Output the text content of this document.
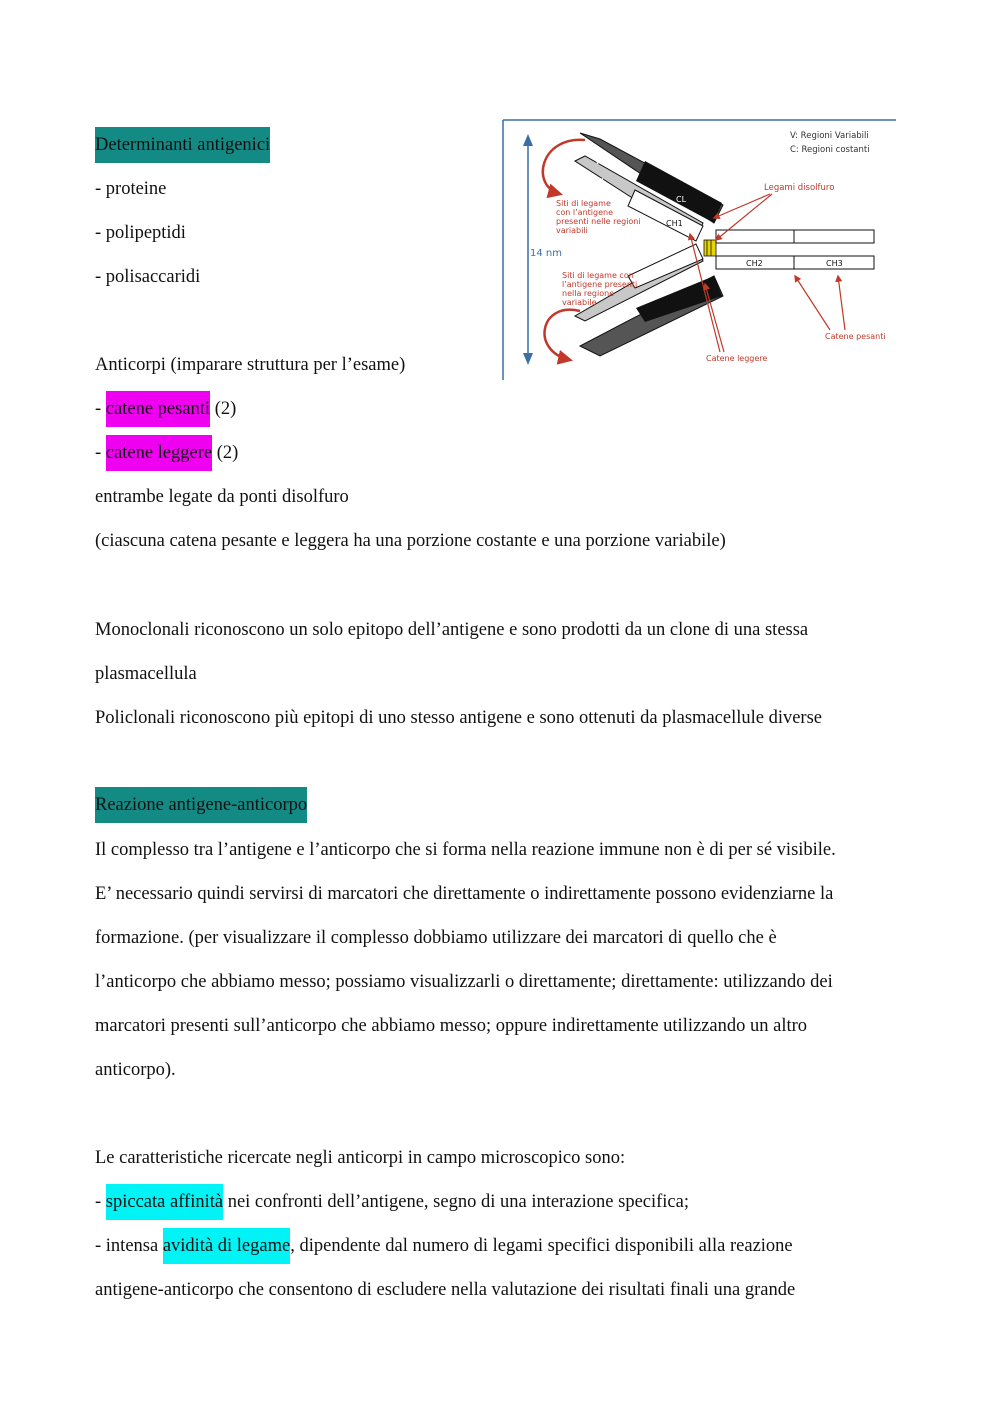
Determinanti antigenici
- proteine
- polipeptidi
- polisaccaridi
Anticorpi (imparare struttura per l’esame)
- catene pesanti (2)
- catene leggere (2)
entrambe legate da ponti disolfuro
(ciascuna catena pesante e leggera ha una porzione costante e una porzione variabile)
Monoclonali riconoscono un solo epitopo dell’antigene e sono prodotti da un clone di una stessa
plasmacellula
Policlonali riconoscono più epitopi di uno stesso antigene e sono ottenuti da plasmacellule diverse
Reazione antigene-anticorpo
Il complesso tra l’antigene e l’anticorpo che si forma nella reazione immune non è di per sé visibile.
E’ necessario quindi servirsi di marcatori che direttamente o indirettamente possono evidenziarne la
formazione. (per visualizzare il complesso dobbiamo utilizzare dei marcatori di quello che è
l’anticorpo che abbiamo messo; possiamo visualizzarli o direttamente; direttamente: utilizzando dei
marcatori presenti sull’anticorpo che abbiamo messo; oppure indirettamente utilizzando un altro
anticorpo).
Le caratteristiche ricercate negli anticorpi in campo microscopico sono:
- spiccata affinità nei confronti dell’antigene, segno di una interazione specifica;
- intensa avidità di legame, dipendente dal numero di legami specifici disponibili alla reazione
antigene-anticorpo che consentono di escludere nella valutazione dei risultati finali una grande
14 nm
V: Regioni Variabili
C: Regioni costanti
VL
VH
CL
CH1
CH2	CH3
Siti di legame
con l’antigene
presenti nelle regioni
variabili
Siti di legame con
l’antigene presenti
nella regione
variabile
Legami disolfuro
Catene pesanti
Catene leggere
